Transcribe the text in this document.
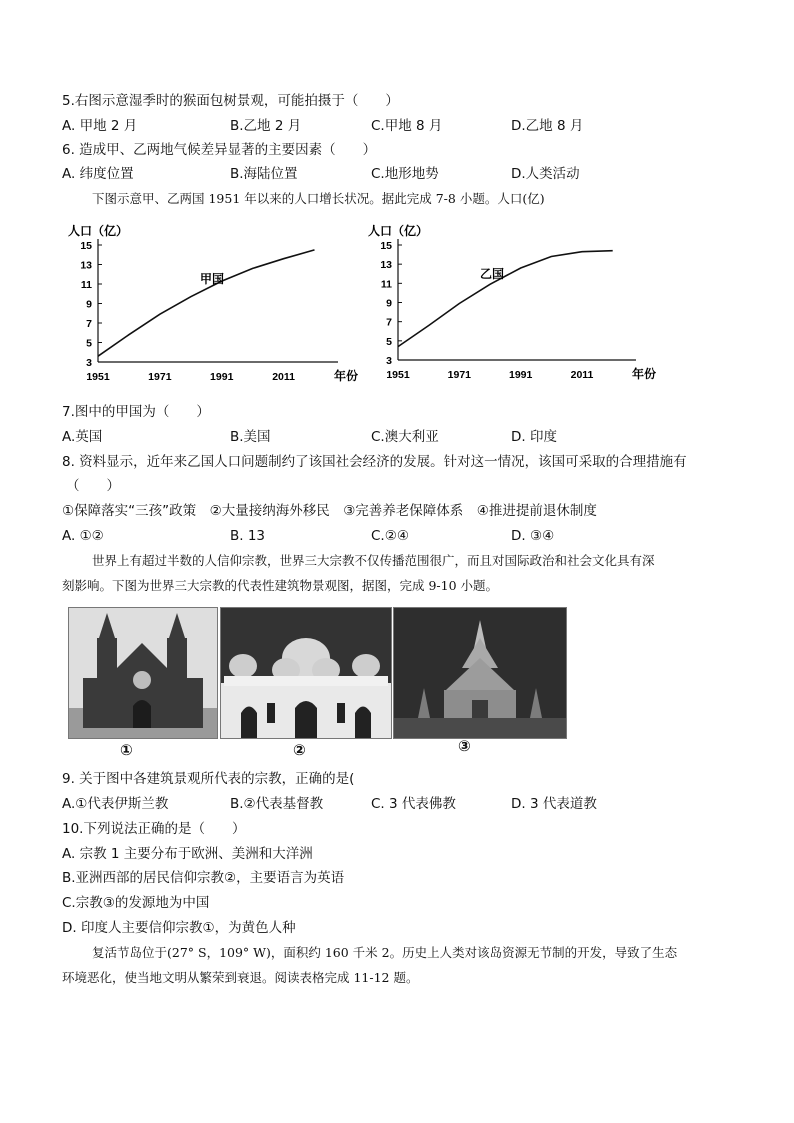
5.右图示意湿季时的猴面包树景观，可能拍摄于（　　）
A. 甲地 2 月	B.乙地 2 月	C.甲地 8 月	D.乙地 8 月
6. 造成甲、乙两地气候差异显著的主要因素（　　）
A. 纬度位置	B.海陆位置	C.地形地势	D.人类活动
下图示意甲、乙两国 1951 年以来的人口增长状况。据此完成 7-8 小题。人口(亿)
人口（亿）
3
5
7
9
11
13
15
1951	1971	1991	2011	年份
甲国
人口（亿）
3
5
7
9
11
13
15
1951	1971	1991	2011	年份
乙国
7.图中的甲国为（　　）
A.英国	B.美国	C.澳大利亚	D. 印度
8. 资料显示，近年来乙国人口问题制约了该国社会经济的发展。针对这一情况，该国可采取的合理措施有
（　　）
①保障落实“三孩”政策　②大量接纳海外移民　③完善养老保障体系　④推进提前退休制度
A. ①②	B. 13	C.②④	D. ③④
世界上有超过半数的人信仰宗教，世界三大宗教不仅传播范围很广，而且对国际政治和社会文化具有深
刻影响。下图为世界三大宗教的代表性建筑物景观图，据图，完成 9-10 小题。
①	②	③
9. 关于图中各建筑景观所代表的宗教，正确的是(
A.①代表伊斯兰教	B.②代表基督教	C. 3 代表佛教	D. 3 代表道教
10.下列说法正确的是（　　）
A. 宗教 1 主要分布于欧洲、美洲和大洋洲
B.亚洲西部的居民信仰宗教②，主要语言为英语
C.宗教③的发源地为中国
D. 印度人主要信仰宗教①，为黄色人种
复活节岛位于(27° S，109° W)，面积约 160 千米 2。历史上人类对该岛资源无节制的开发，导致了生态
环境恶化，使当地文明从繁荣到衰退。阅读表格完成 11-12 题。
